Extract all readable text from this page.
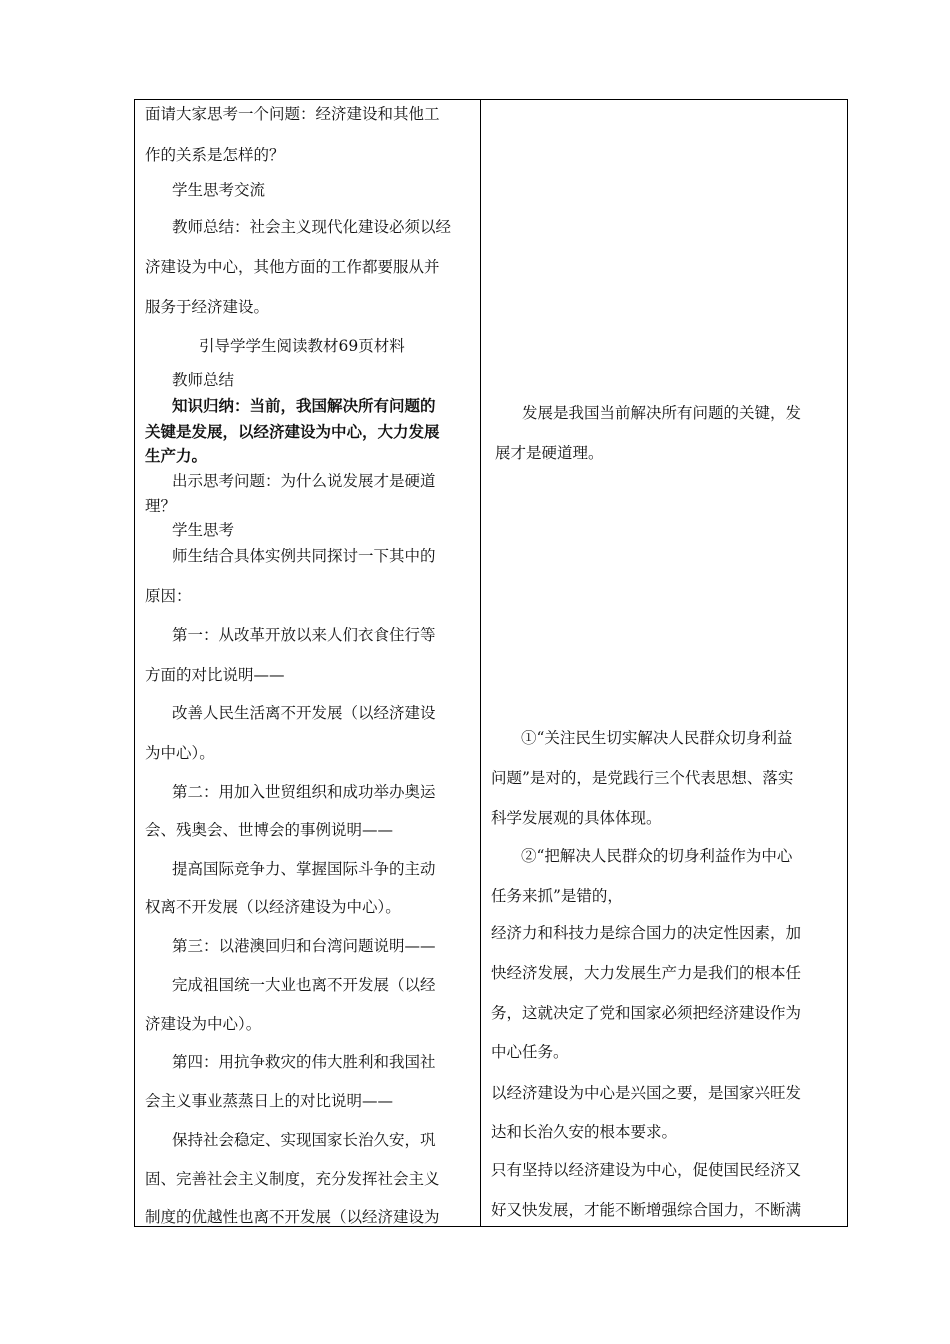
面请大家思考一个问题：经济建设和其他工
作的关系是怎样的？
学生思考交流
教师总结：社会主义现代化建设必须以经
济建设为中心，其他方面的工作都要服从并
服务于经济建设。
引导学学生阅读教材69页材料
教师总结
知识归纳：当前，我国解决所有问题的
关键是发展，以经济建设为中心，大力发展
生产力。
出示思考问题：为什么说发展才是硬道
理？
学生思考
师生结合具体实例共同探讨一下其中的
原因：
第一：从改革开放以来人们衣食住行等
方面的对比说明——
改善人民生活离不开发展（以经济建设
为中心）。
第二：用加入世贸组织和成功举办奥运
会、残奥会、世博会的事例说明——
提高国际竞争力、掌握国际斗争的主动
权离不开发展（以经济建设为中心）。
第三：以港澳回归和台湾问题说明——
完成祖国统一大业也离不开发展（以经
济建设为中心）。
第四：用抗争救灾的伟大胜利和我国社
会主义事业蒸蒸日上的对比说明——
保持社会稳定、实现国家长治久安，巩
固、完善社会主义制度，充分发挥社会主义
制度的优越性也离不开发展（以经济建设为
发展是我国当前解决所有问题的关键，发
展才是硬道理。
①“关注民生切实解决人民群众切身利益
问题”是对的，是党践行三个代表思想、落实
科学发展观的具体体现。
②“把解决人民群众的切身利益作为中心
任务来抓”是错的，
经济力和科技力是综合国力的决定性因素，加
快经济发展，大力发展生产力是我们的根本任
务，这就决定了党和国家必须把经济建设作为
中心任务。
以经济建设为中心是兴国之要，是国家兴旺发
达和长治久安的根本要求。
只有坚持以经济建设为中心，促使国民经济又
好又快发展，才能不断增强综合国力，不断满
